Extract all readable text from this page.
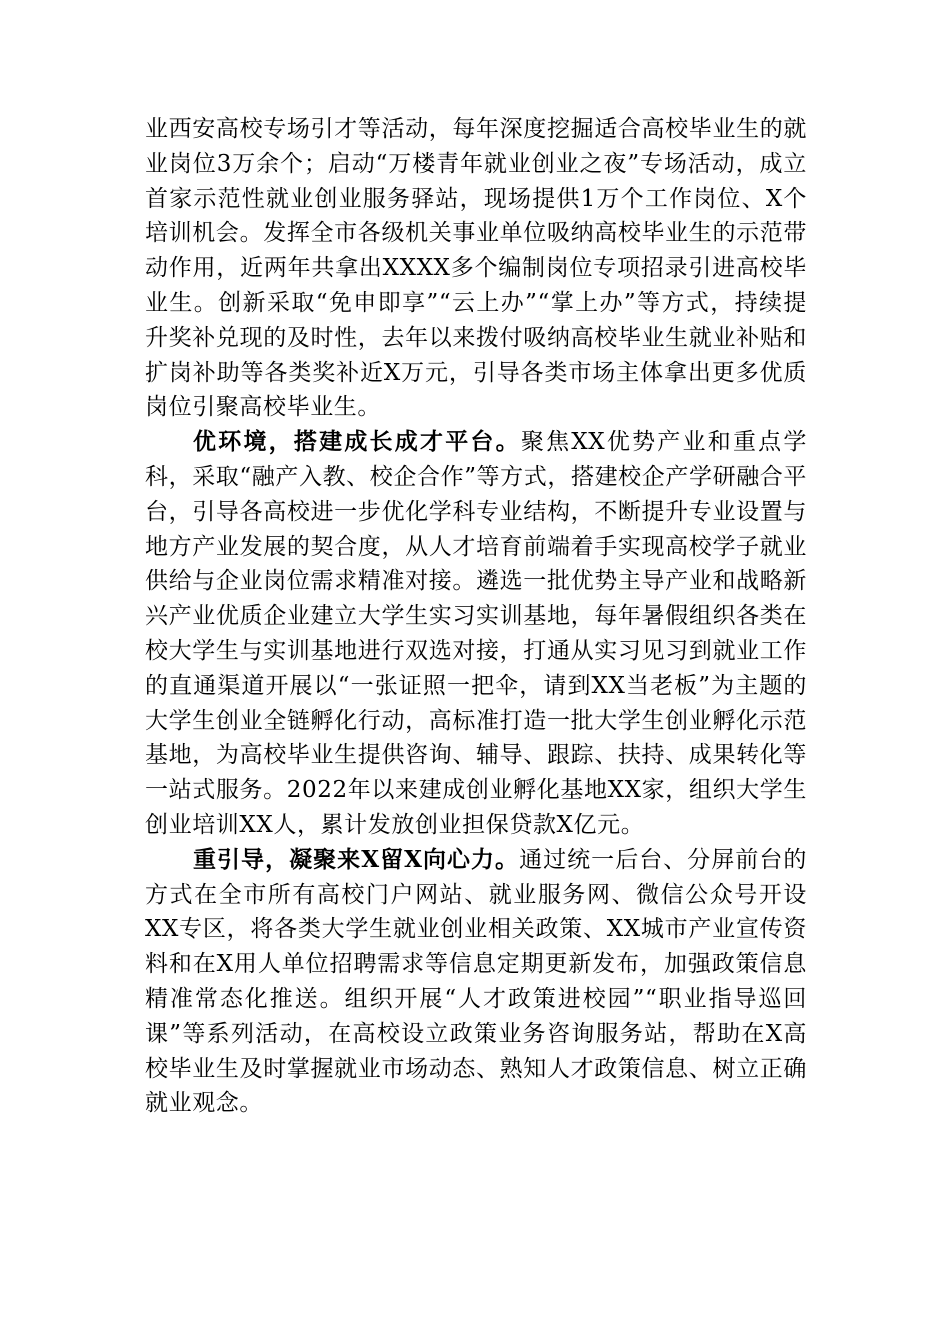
业西安高校专场引才等活动，每年深度挖掘适合高校毕业生的就业岗位3万余个；启动“万楼青年就业创业之夜”专场活动，成立首家示范性就业创业服务驿站，现场提供1万个工作岗位、X个培训机会。发挥全市各级机关事业单位吸纳高校毕业生的示范带动作用，近两年共拿出XXXX多个编制岗位专项招录引进高校毕业生。创新采取“免申即享”“云上办”“掌上办”等方式，持续提升奖补兑现的及时性，去年以来拨付吸纳高校毕业生就业补贴和扩岗补助等各类奖补近X万元，引导各类市场主体拿出更多优质岗位引聚高校毕业生。

优环境，搭建成长成才平台。聚焦XX优势产业和重点学科，采取“融产入教、校企合作”等方式，搭建校企产学研融合平台，引导各高校进一步优化学科专业结构，不断提升专业设置与地方产业发展的契合度，从人才培育前端着手实现高校学子就业供给与企业岗位需求精准对接。遴选一批优势主导产业和战略新兴产业优质企业建立大学生实习实训基地，每年暑假组织各类在校大学生与实训基地进行双选对接，打通从实习见习到就业工作的直通渠道开展以“一张证照一把伞，请到XX当老板”为主题的大学生创业全链孵化行动，高标准打造一批大学生创业孵化示范基地，为高校毕业生提供咨询、辅导、跟踪、扶持、成果转化等一站式服务。2022年以来建成创业孵化基地XX家，组织大学生创业培训XX人，累计发放创业担保贷款X亿元。

重引导，凝聚来X留X向心力。通过统一后台、分屏前台的方式在全市所有高校门户网站、就业服务网、微信公众号开设XX专区，将各类大学生就业创业相关政策、XX城市产业宣传资料和在X用人单位招聘需求等信息定期更新发布，加强政策信息精准常态化推送。组织开展“人才政策进校园”“职业指导巡回课”等系列活动，在高校设立政策业务咨询服务站，帮助在X高校毕业生及时掌握就业市场动态、熟知人才政策信息、树立正确就业观念。
